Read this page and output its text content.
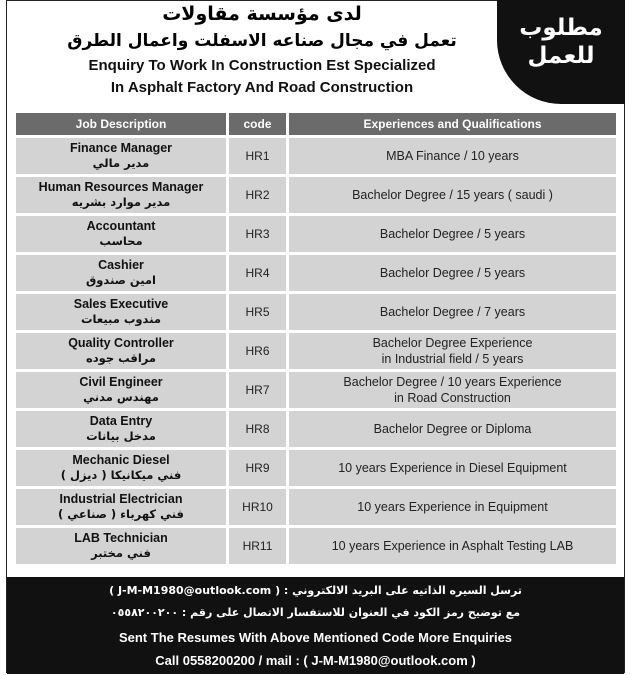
مطلوب
للعمل
لدى مؤسسة مقاولات
تعمل في مجال صناعه الاسفلت واعمال الطرق
Enquiry To Work In Construction Est Specialized
In Asphalt Factory And Road Construction
Job Description	code	Experiences and Qualifications
Finance Manager
مدير مالي	HR1	MBA Finance / 10 years
Human Resources Manager
مدير موارد بشريه	HR2	Bachelor Degree / 15 years ( saudi )
Accountant
محاسب	HR3	Bachelor Degree / 5 years
Cashier
امين صندوق	HR4	Bachelor Degree / 5 years
Sales Executive
مندوب مبيعات	HR5	Bachelor Degree / 7 years
Quality Controller
مراقب جوده	HR6
Bachelor Degree Experience
in Industrial field / 5 years
Civil Engineer
مهندس مدني	HR7
Bachelor Degree / 10 years Experience
in Road Construction
Data Entry
مدخل بيانات	HR8	Bachelor Degree or Diploma
Mechanic Diesel
فني ميكانيكا ( ديزل )	HR9	10 years Experience in Diesel Equipment
Industrial Electrician
فني كهرباء ( صناعي )	HR10	10 years Experience in Equipment
LAB Technician
فني مختبر	HR11	10 years Experience in Asphalt Testing LAB
ترسل السيره الذاتيه على البريد الالكتروني : ( J-M-M1980@outlook.com )
مع توضيح رمز الكود في العنوان للاستفسار الاتصال على رقم : ٠٥٥٨٢٠٠٢٠٠
Sent The Resumes With Above Mentioned Code More Enquiries
Call 0558200200 / mail : ( J-M-M1980@outlook.com )
